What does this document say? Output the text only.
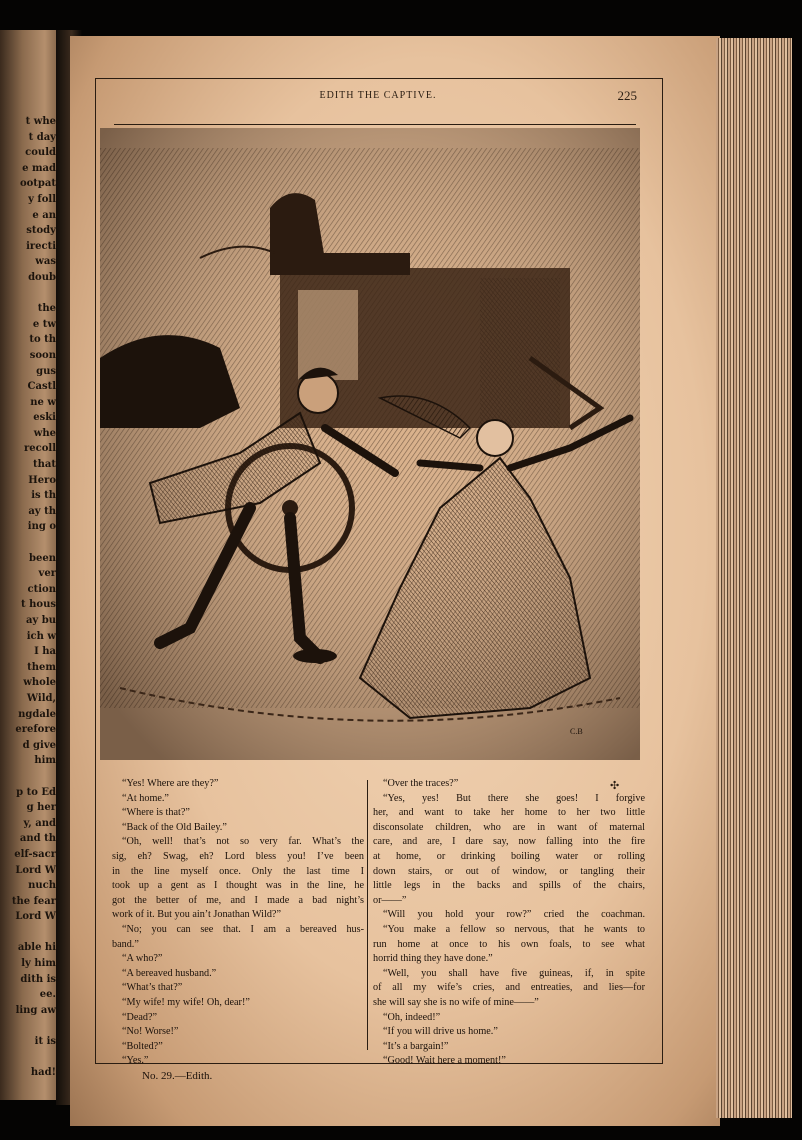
t whe
t day
could
e mad
ootpat
y foll
e an
stody
irecti
was
doub

the
e tw
to th
soon
gus
Castl
ne w
eski
whe
recoll
that
Hero
is th
ay th
ing o

been
ver
ction
t hous
ay bu
ich w
I ha
them
whole
Wild,
ngdale
erefore
d give
him

p to Ed
g her
y, and
and th
elf-sacr
Lord W
nuch
the fear
Lord W

able hi
ly him
dith is
ee.
ling aw

it is

had!
EDITH THE CAPTIVE.	225
C.B
✣
“Yes! Where are they?”
“At home.”
“Where is that?”
“Back of the Old Bailey.”
“Oh, well! that’s not so very far. What’s the
sig, eh? Swag, eh? Lord bless you! I’ve been
in the line myself once. Only the last time I
took up a gent as I thought was in the line, he
got the better of me, and I made a bad night’s
work of it. But you ain’t Jonathan Wild?”
“No; you can see that. I am a bereaved hus-
band.”
“A who?”
“A bereaved husband.”
“What’s that?”
“My wife! my wife! Oh, dear!”
“Dead?”
“No! Worse!”
“Bolted?”
“Yes.”
No. 29.—Edith.
“Over the traces?”
“Yes, yes! But there she goes! I forgive
her, and want to take her home to her two little
disconsolate children, who are in want of maternal
care, and are, I dare say, now falling into the fire
at home, or drinking boiling water or rolling
down stairs, or out of window, or tangling their
little legs in the backs and spills of the chairs,
or——”
“Will you hold your row?” cried the coachman.
“You make a fellow so nervous, that he wants to
run home at once to his own foals, to see what
horrid thing they have done.”
“Well, you shall have five guineas, if, in spite
of all my wife’s cries, and entreaties, and lies—for
she will say she is no wife of mine——”
“Oh, indeed!”
“If you will drive us home.”
“It’s a bargain!”
“Good! Wait here a moment!”
